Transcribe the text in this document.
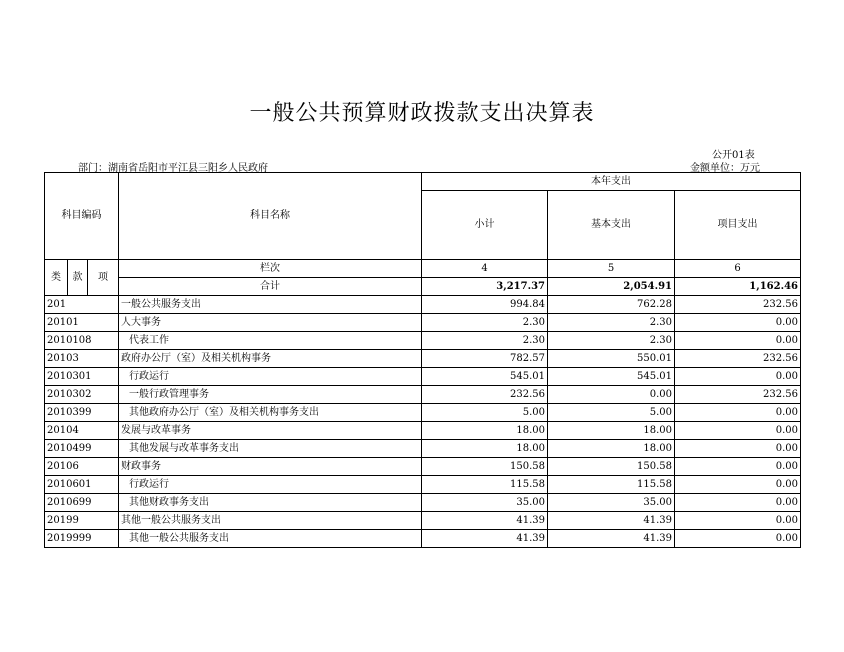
一般公共预算财政拨款支出决算表
公开01表
部门：湖南省岳阳市平江县三阳乡人民政府	金额单位：万元
科目编码			科目名称	本年支出		
				小计	基本支出	项目支出

类	款	项	栏次	4	5	6
			合计	3,217.37	2,054.91	1,162.46
201			一般公共服务支出	994.84	762.28	232.56
20101			人大事务	2.30	2.30	0.00
2010108			代表工作	2.30	2.30	0.00
20103			政府办公厅（室）及相关机构事务	782.57	550.01	232.56
2010301			行政运行	545.01	545.01	0.00
2010302			一般行政管理事务	232.56	0.00	232.56
2010399			其他政府办公厅（室）及相关机构事务支出	5.00	5.00	0.00
20104			发展与改革事务	18.00	18.00	0.00
2010499			其他发展与改革事务支出	18.00	18.00	0.00
20106			财政事务	150.58	150.58	0.00
2010601			行政运行	115.58	115.58	0.00
2010699			其他财政事务支出	35.00	35.00	0.00
20199			其他一般公共服务支出	41.39	41.39	0.00
2019999			其他一般公共服务支出	41.39	41.39	0.00
